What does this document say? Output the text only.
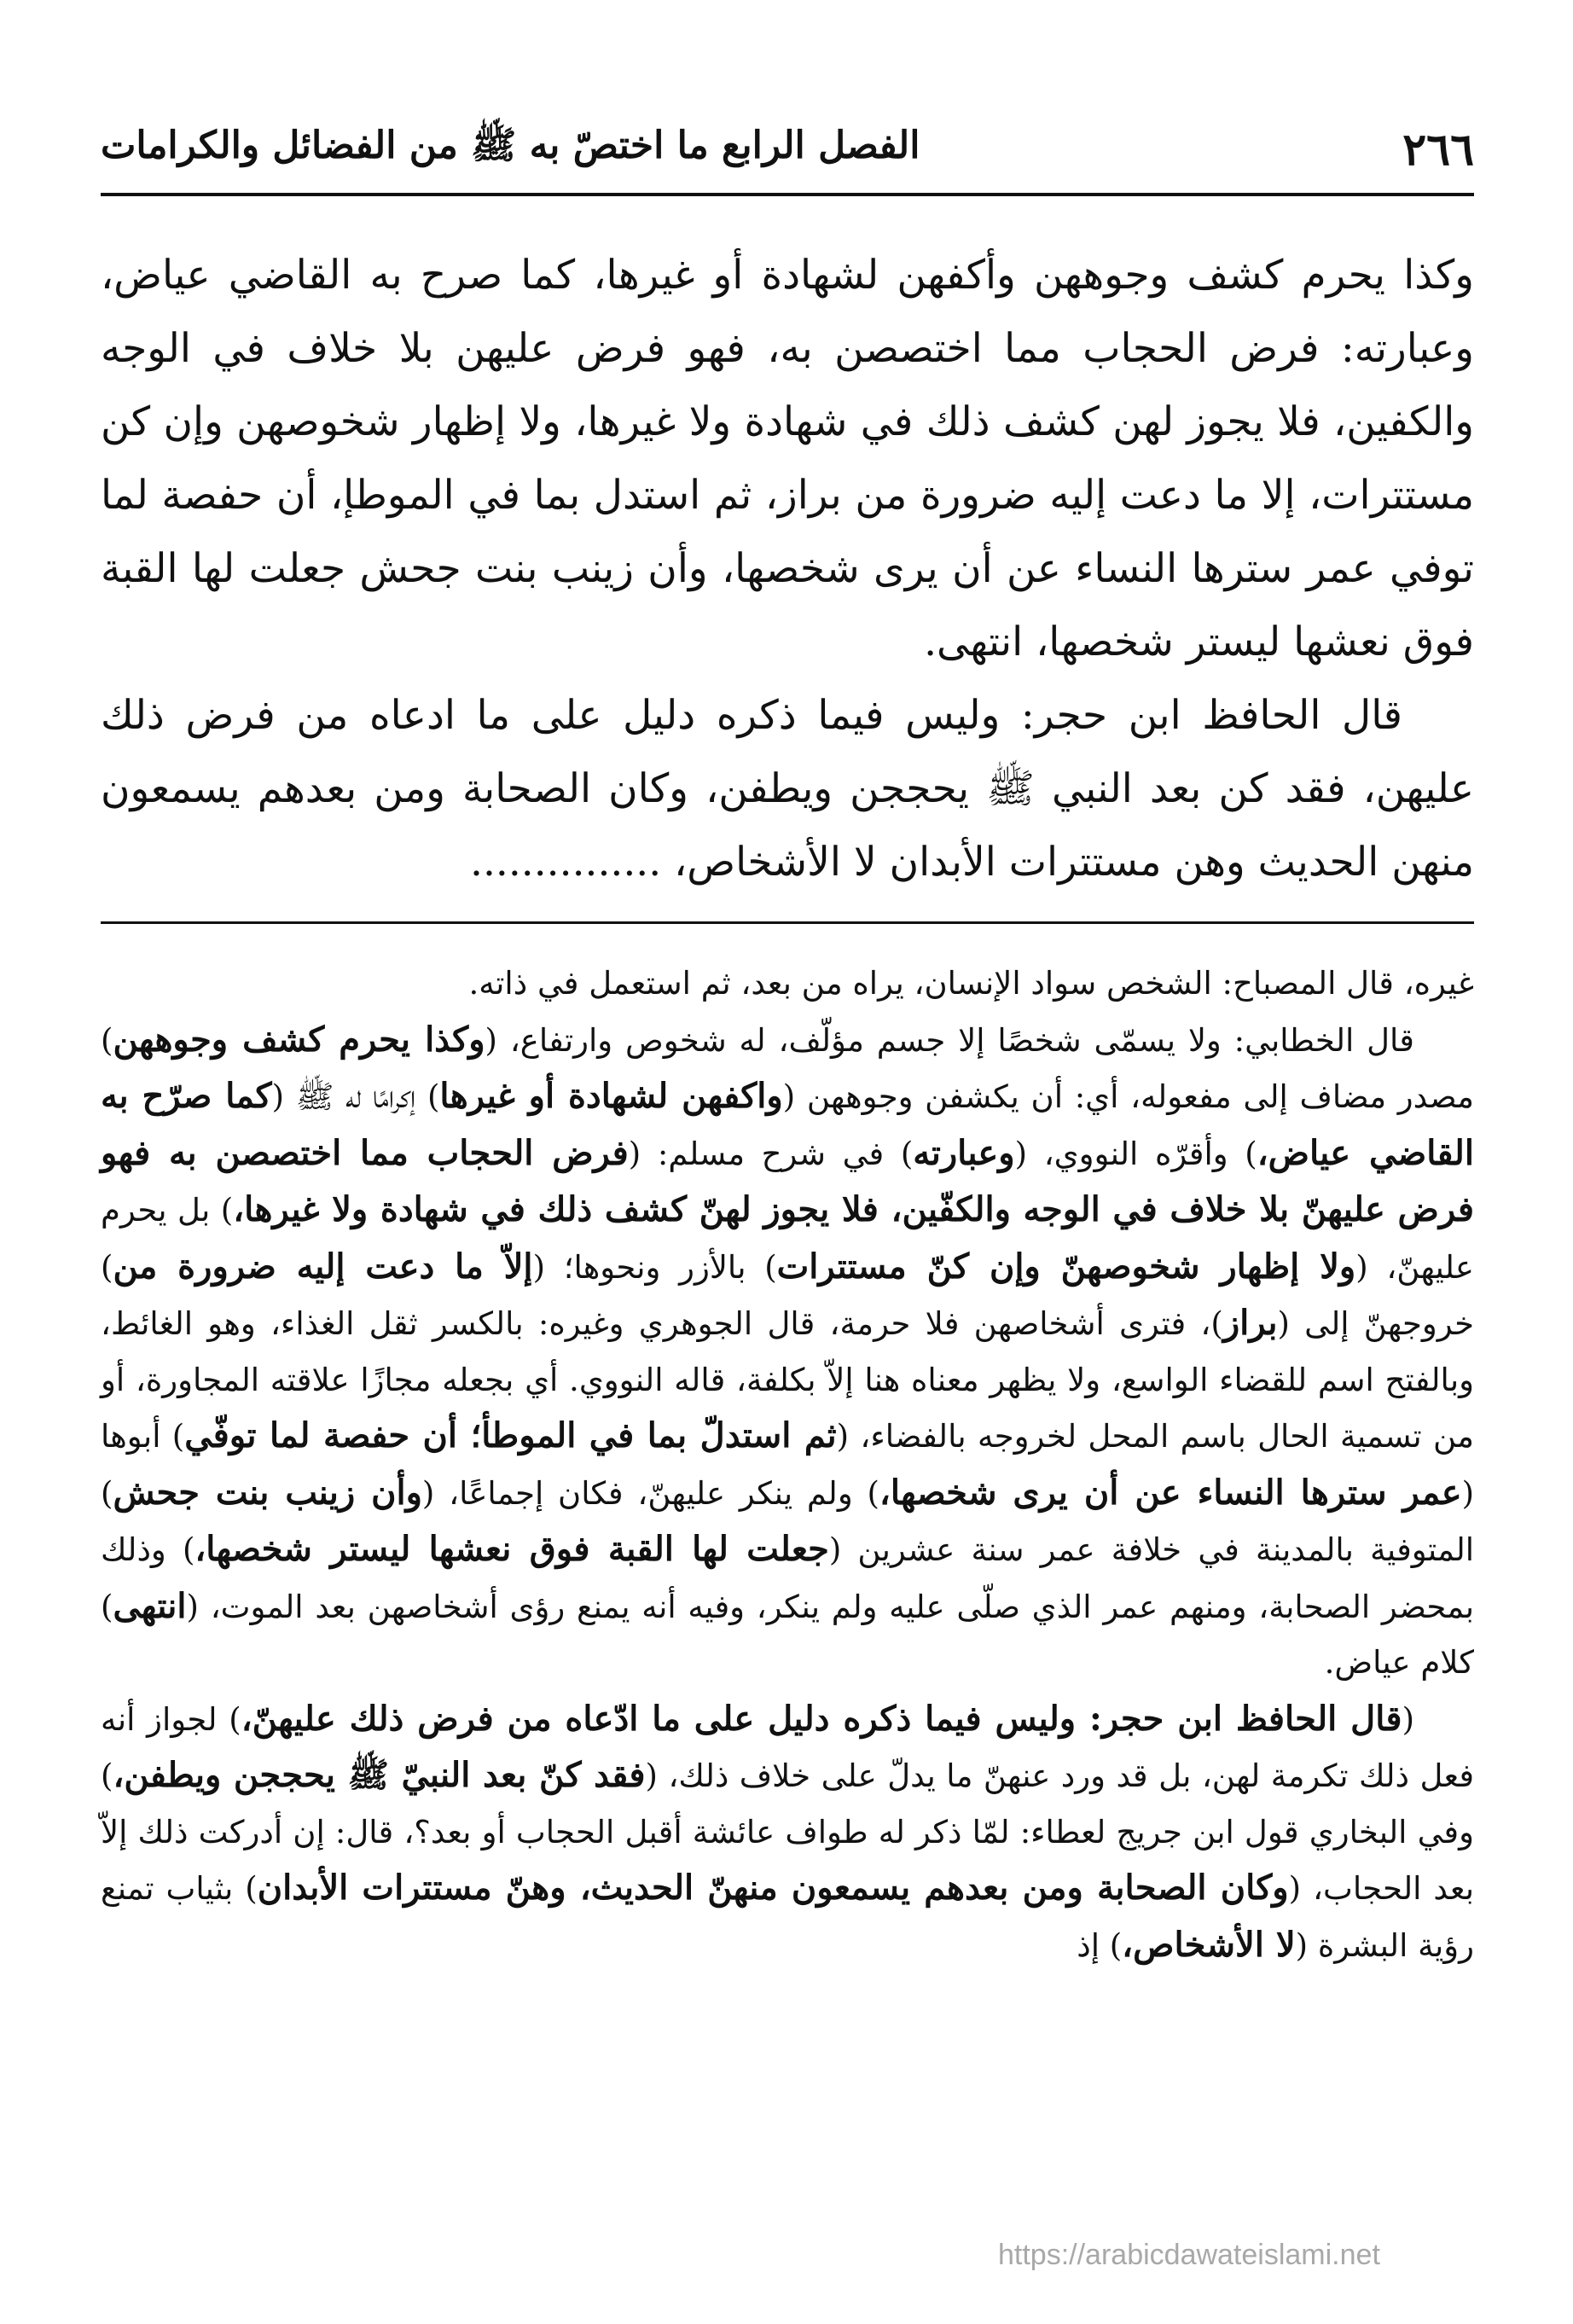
٢٦٦
الفصل الرابع ما اختصّ به ﷺ من الفضائل والكرامات

وكذا يحرم كشف وجوههن وأكفهن لشهادة أو غيرها، كما صرح به القاضي عياض، وعبارته: فرض الحجاب مما اختصصن به، فهو فرض عليهن بلا خلاف في الوجه والكفين، فلا يجوز لهن كشف ذلك في شهادة ولا غيرها، ولا إظهار شخوصهن وإن كن مستترات، إلا ما دعت إليه ضرورة من براز، ثم استدل بما في الموطإ، أن حفصة لما توفي عمر سترها النساء عن أن يرى شخصها، وأن زينب بنت جحش جعلت لها القبة فوق نعشها ليستر شخصها، انتهى.

قال الحافظ ابن حجر: وليس فيما ذكره دليل على ما ادعاه من فرض ذلك عليهن، فقد كن بعد النبي ﷺ يحججن ويطفن، وكان الصحابة ومن بعدهم يسمعون منهن الحديث وهن مستترات الأبدان لا الأشخاص، ...............

غيره، قال المصباح: الشخص سواد الإنسان، يراه من بعد، ثم استعمل في ذاته.

قال الخطابي: ولا يسمّى شخصًا إلا جسم مؤلّف، له شخوص وارتفاع، (وكذا يحرم كشف وجوههن) مصدر مضاف إلى مفعوله، أي: أن يكشفن وجوههن (واكفهن لشهادة أو غيرها) إكرامًا له ﷺ (كما صرّح به القاضي عياض،) وأقرّه النووي، (وعبارته) في شرح مسلم: (فرض الحجاب مما اختصصن به فهو فرض عليهنّ بلا خلاف في الوجه والكفّين، فلا يجوز لهنّ كشف ذلك في شهادة ولا غيرها،) بل يحرم عليهنّ، (ولا إظهار شخوصهنّ وإن كنّ مستترات) بالأزر ونحوها؛ (إلاّ ما دعت إليه ضرورة من) خروجهنّ إلى (براز)، فترى أشخاصهن فلا حرمة، قال الجوهري وغيره: بالكسر ثقل الغذاء، وهو الغائط، وبالفتح اسم للقضاء الواسع، ولا يظهر معناه هنا إلاّ بكلفة، قاله النووي. أي بجعله مجازًا علاقته المجاورة، أو من تسمية الحال باسم المحل لخروجه بالفضاء، (ثم استدلّ بما في الموطأ؛ أن حفصة لما توفّي) أبوها (عمر سترها النساء عن أن يرى شخصها،) ولم ينكر عليهنّ، فكان إجماعًا، (وأن زينب بنت جحش) المتوفية بالمدينة في خلافة عمر سنة عشرين (جعلت لها القبة فوق نعشها ليستر شخصها،) وذلك بمحضر الصحابة، ومنهم عمر الذي صلّى عليه ولم ينكر، وفيه أنه يمنع رؤى أشخاصهن بعد الموت، (انتهى) كلام عياض.

(قال الحافظ ابن حجر: وليس فيما ذكره دليل على ما ادّعاه من فرض ذلك عليهنّ،) لجواز أنه فعل ذلك تكرمة لهن، بل قد ورد عنهنّ ما يدلّ على خلاف ذلك، (فقد كنّ بعد النبيّ ﷺ يحججن ويطفن،) وفي البخاري قول ابن جريج لعطاء: لمّا ذكر له طواف عائشة أقبل الحجاب أو بعد؟، قال: إن أدركت ذلك إلاّ بعد الحجاب، (وكان الصحابة ومن بعدهم يسمعون منهنّ الحديث، وهنّ مستترات الأبدان) بثياب تمنع رؤية البشرة (لا الأشخاص،) إذ

https://arabicdawateislami.net
